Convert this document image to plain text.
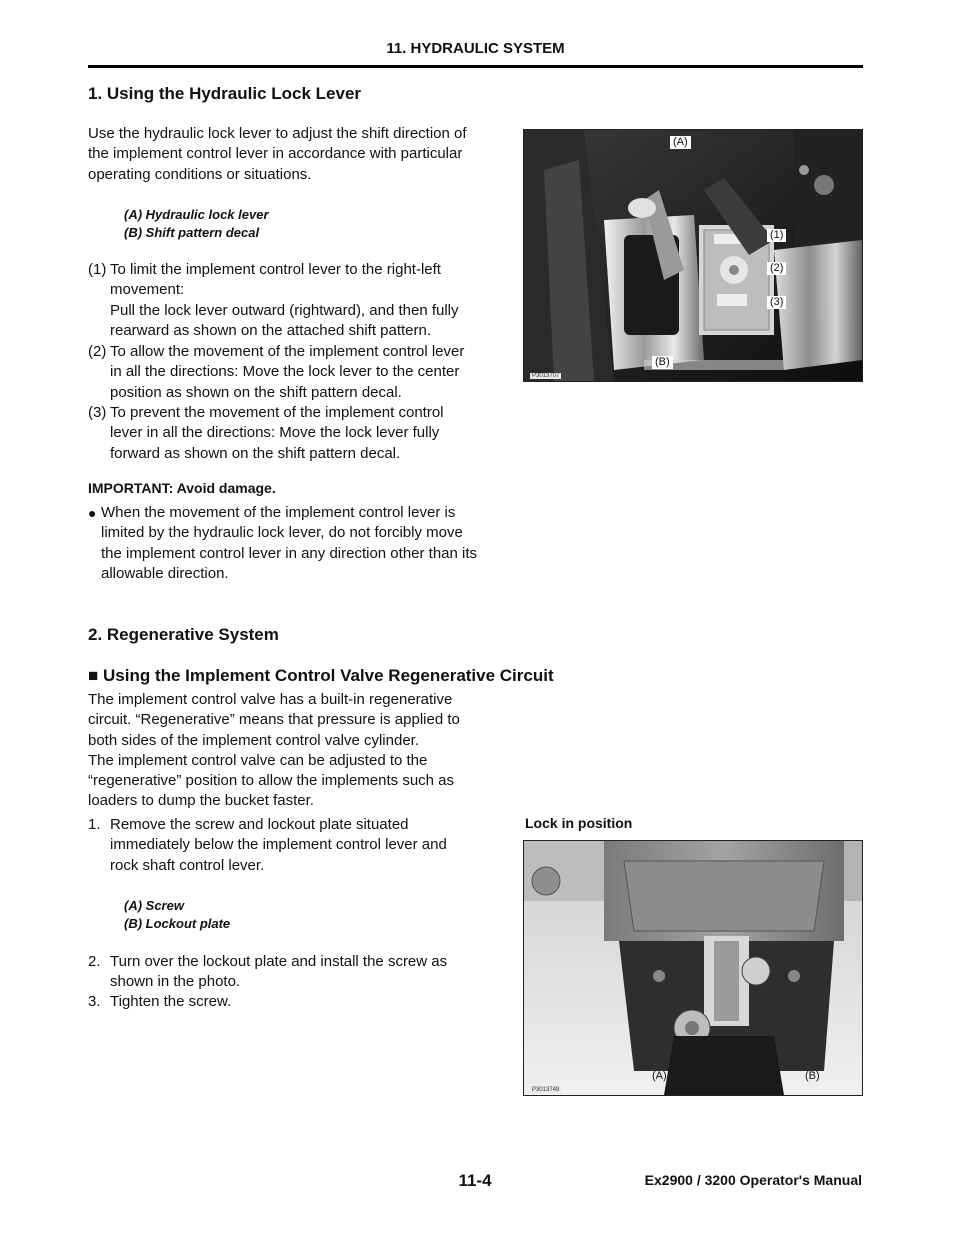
11. HYDRAULIC SYSTEM
1. Using the Hydraulic Lock Lever
Use the hydraulic lock lever to adjust the shift direction of
the implement control lever in accordance with particular
operating conditions or situations.
(A) Hydraulic lock lever
(B) Shift pattern decal
(1) To limit the implement control lever to the right-left
movement:
Pull the lock lever outward (rightward), and then fully
rearward as shown on the attached shift pattern.
(2) To allow the movement of the implement control lever
in all the directions: Move the lock lever to the center
position as shown on the shift pattern decal.
(3) To prevent the movement of the implement control
lever in all the directions: Move the lock lever fully
forward as shown on the shift pattern decal.
IMPORTANT: Avoid damage.
● When the movement of the implement control lever is
limited by the hydraulic lock lever, do not forcibly move
the implement control lever in any direction other than its
allowable direction.
(A)
(1)
(2)
(3)
(B)
P3013707
2. Regenerative System
■ Using the Implement Control Valve Regenerative Circuit
The implement control valve has a built-in regenerative
circuit. “Regenerative” means that pressure is applied to
both sides of the implement control valve cylinder.
The implement control valve can be adjusted to the
“regenerative” position to allow the implements such as
loaders to dump the bucket faster.
1. Remove the screw and lockout plate situated
immediately below the implement control lever and
rock shaft control lever.
(A) Screw
(B) Lockout plate
2. Turn over the lockout plate and install the screw as
shown in the photo.
3. Tighten the screw.
Lock in position
(A)	(B)
P3013749
11-4	Ex2900 / 3200 Operator's Manual
